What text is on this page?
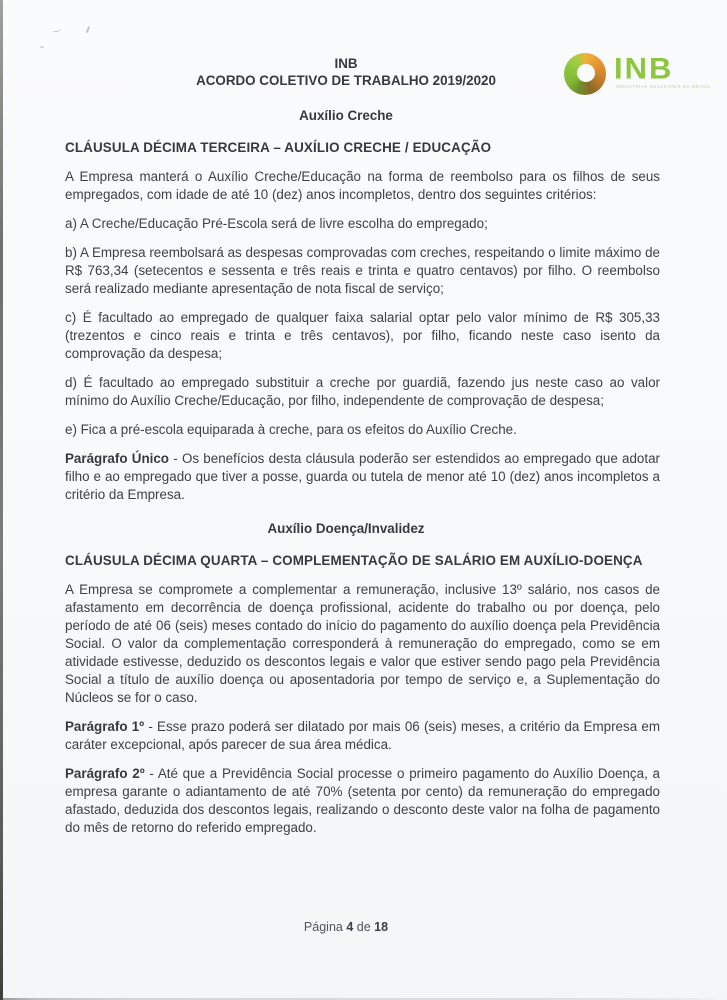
INB
INDÚSTRIAS NUCLEARES DO BRASIL
INB
ACORDO COLETIVO DE TRABALHO 2019/2020
Auxílio Creche
CLÁUSULA DÉCIMA TERCEIRA – AUXÍLIO CRECHE / EDUCAÇÃO

A Empresa manterá o Auxílio Creche/Educação na forma de reembolso para os filhos de seus empregados, com idade de até 10 (dez) anos incompletos, dentro dos seguintes critérios:

a) A Creche/Educação Pré-Escola será de livre escolha do empregado;

b) A Empresa reembolsará as despesas comprovadas com creches, respeitando o limite máximo de R$ 763,34 (setecentos e sessenta e três reais e trinta e quatro centavos) por filho. O reembolso será realizado mediante apresentação de nota fiscal de serviço;

c) É facultado ao empregado de qualquer faixa salarial optar pelo valor mínimo de R$ 305,33 (trezentos e cinco reais e trinta e três centavos), por filho, ficando neste caso isento da comprovação da despesa;

d) É facultado ao empregado substituir a creche por guardiã, fazendo jus neste caso ao valor mínimo do Auxílio Creche/Educação, por filho, independente de comprovação de despesa;

e) Fica a pré-escola equiparada à creche, para os efeitos do Auxílio Creche.

Parágrafo Único - Os benefícios desta cláusula poderão ser estendidos ao empregado que adotar filho e ao empregado que tiver a posse, guarda ou tutela de menor até 10 (dez) anos incompletos a critério da Empresa.

Auxílio Doença/Invalidez
CLÁUSULA DÉCIMA QUARTA – COMPLEMENTAÇÃO DE SALÁRIO EM AUXÍLIO-DOENÇA

A Empresa se compromete a complementar a remuneração, inclusive 13º salário, nos casos de afastamento em decorrência de doença profissional, acidente do trabalho ou por doença, pelo período de até 06 (seis) meses contado do início do pagamento do auxílio doença pela Previdência Social. O valor da complementação corresponderá à remuneração do empregado, como se em atividade estivesse, deduzido os descontos legais e valor que estiver sendo pago pela Previdência Social a título de auxílio doença ou aposentadoria por tempo de serviço e, a Suplementação do Núcleos se for o caso.

Parágrafo 1º - Esse prazo poderá ser dilatado por mais 06 (seis) meses, a critério da Empresa em caráter excepcional, após parecer de sua área médica.

Parágrafo 2º - Até que a Previdência Social processe o primeiro pagamento do Auxílio Doença, a empresa garante o adiantamento de até 70% (setenta por cento) da remuneração do empregado afastado, deduzida dos descontos legais, realizando o desconto deste valor na folha de pagamento do mês de retorno do referido empregado.

Página 4 de 18
